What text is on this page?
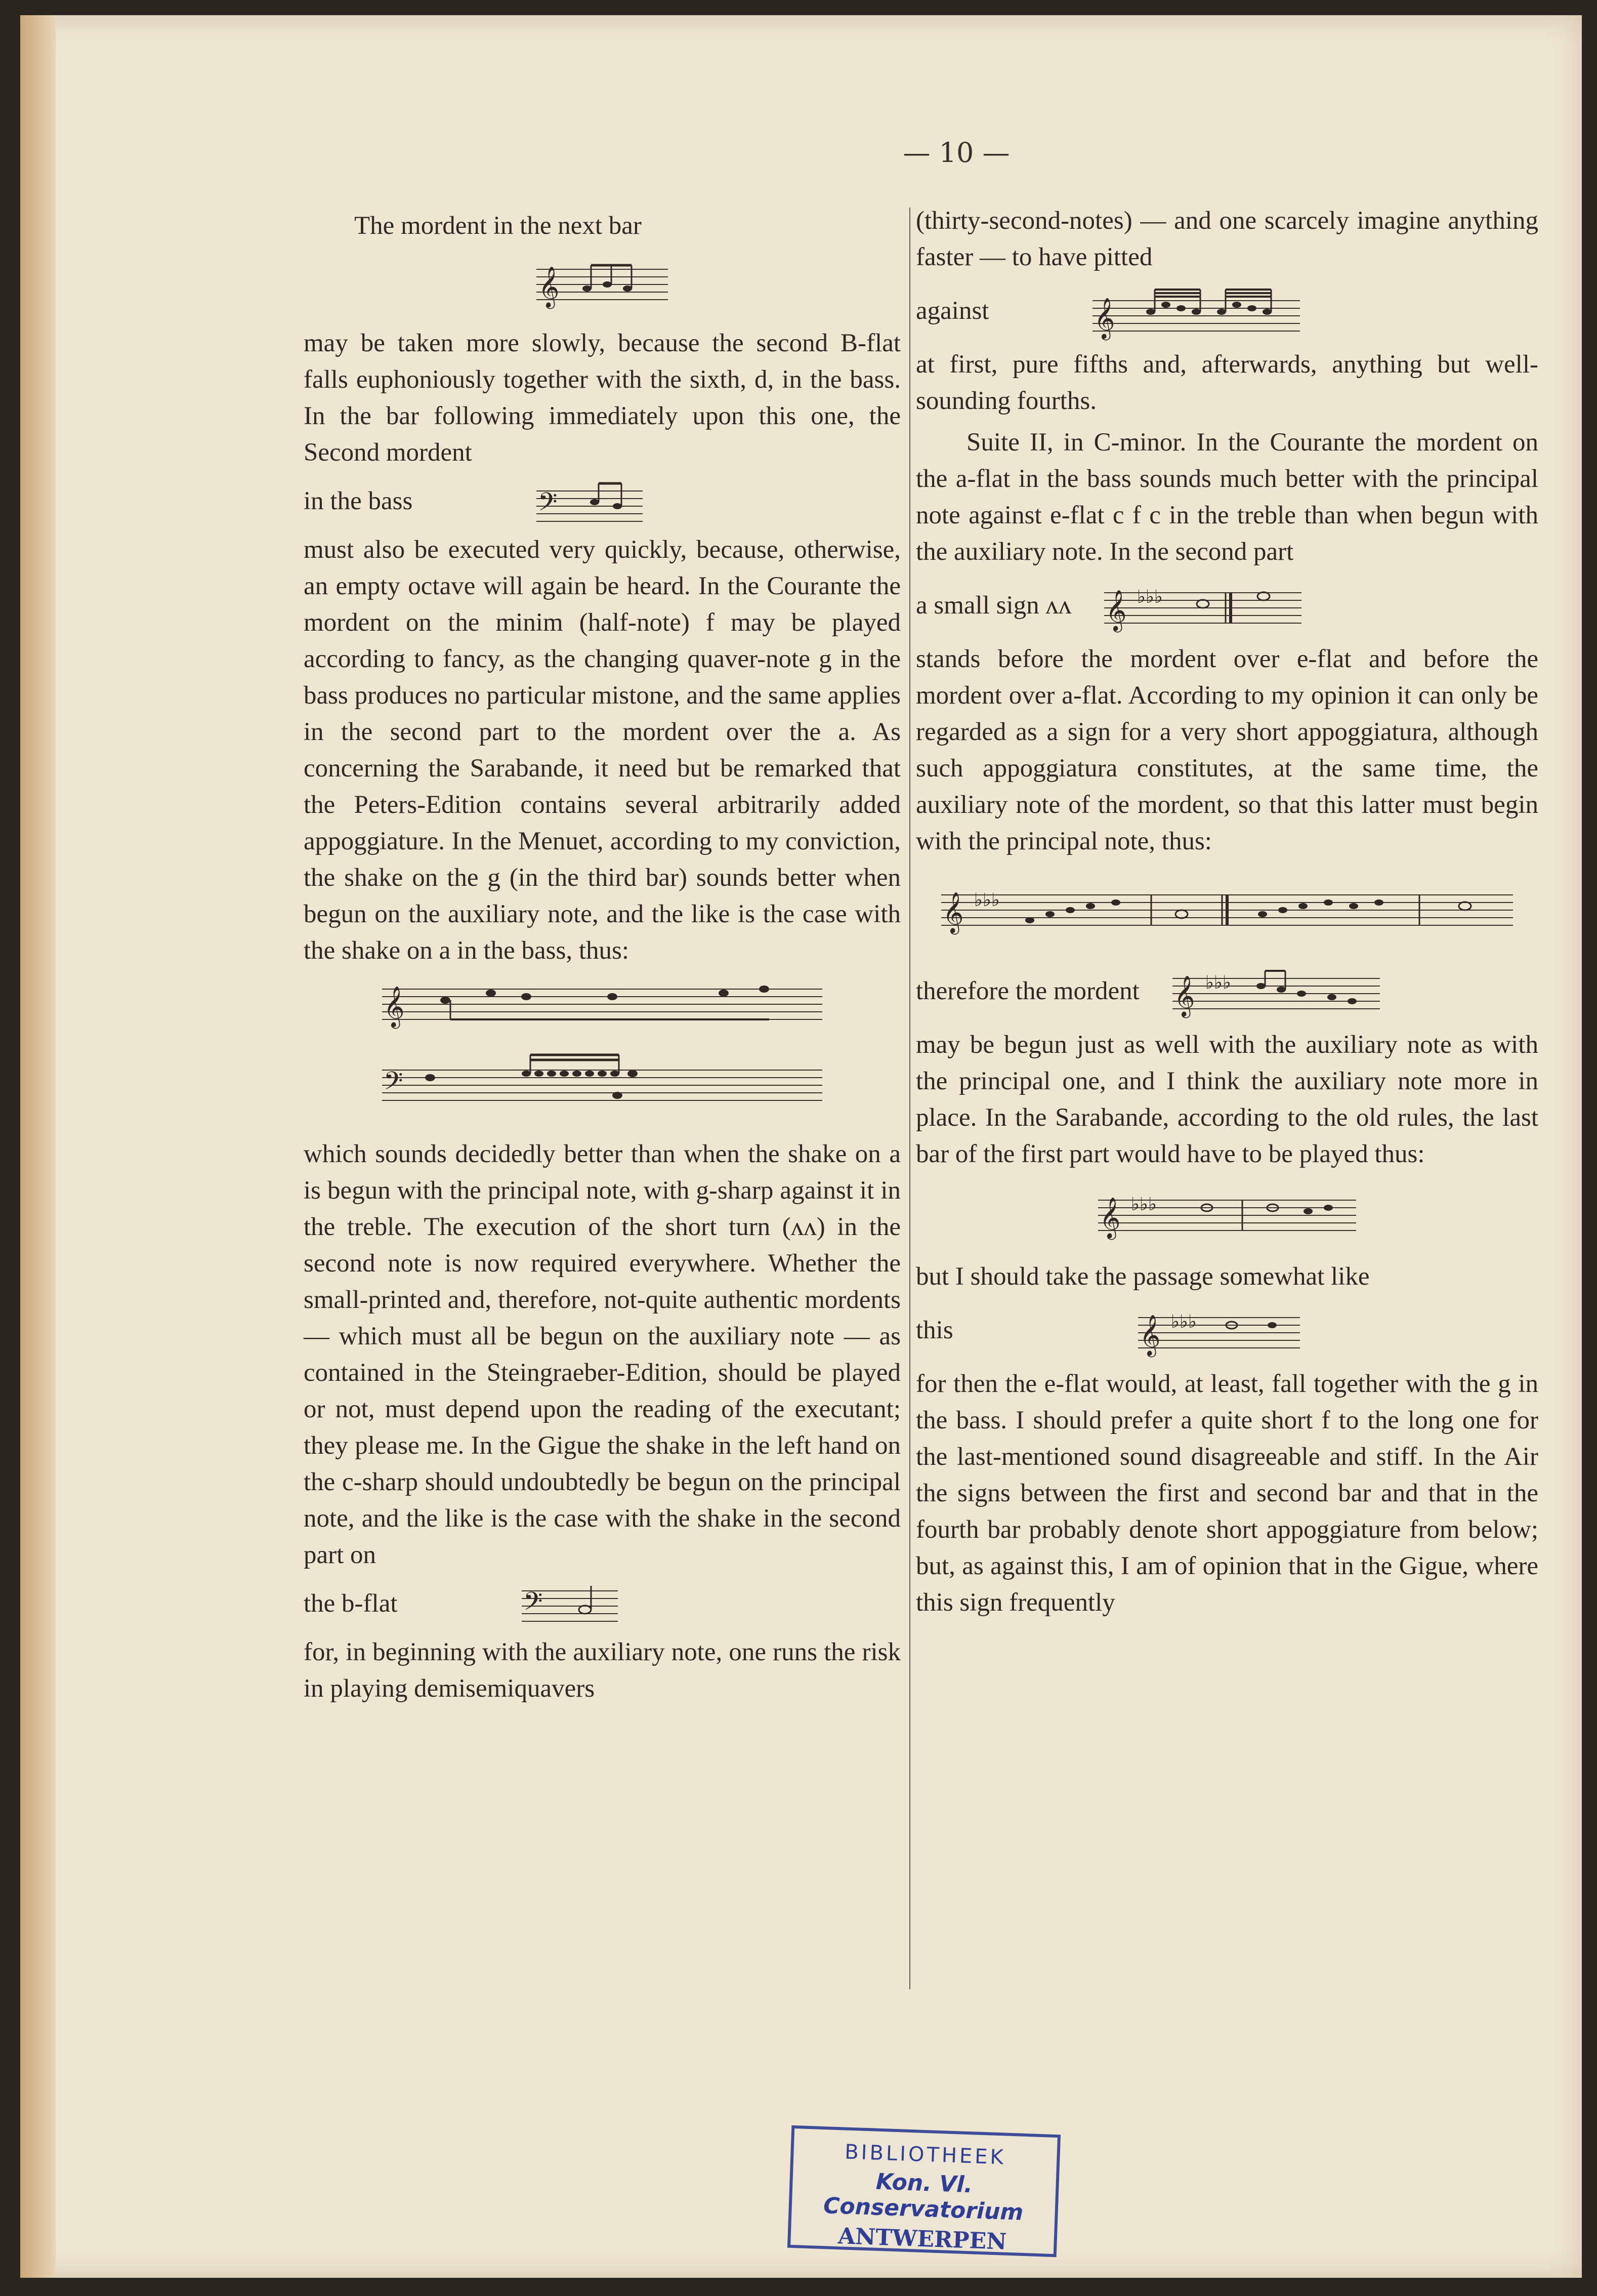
— 10 —
The mordent in the next bar
𝄞

may be taken more slowly, because the second B-flat falls euphoniously together with the sixth, d, in the bass. In the bar following immediately upon this one, the Second mordent

in the bass	𝄢

must also be executed very quickly, because, otherwise, an empty octave will again be heard. In the Courante the mordent on the minim (half-note) f may be played according to fancy, as the changing quaver-note g in the bass produces no particular mistone, and the same applies in the second part to the mordent over the a. As concerning the Sarabande, it need but be remarked that the Peters-Edition contains several arbitrarily added appoggiature. In the Menuet, according to my conviction, the shake on the g (in the third bar) sounds better when begun on the auxiliary note, and the like is the case with the shake on a in the bass, thus:

𝄞
𝄢

which sounds decidedly better than when the shake on a is begun with the principal note, with g-sharp against it in the treble. The execution of the short turn (ʌʌ) in the second note is now required everywhere. Whether the small-printed and, therefore, not-quite authentic mordents — which must all be begun on the auxiliary note — as contained in the Steingraeber-Edition, should be played or not, must depend upon the reading of the executant; they please me. In the Gigue the shake in the left hand on the c-sharp should undoubtedly be begun on the principal note, and the like is the case with the shake in the second part on

the b-flat	𝄢

for, in beginning with the auxiliary note, one runs the risk in playing demisemiquavers

(thirty-second-notes) — and one scarcely imagine anything faster — to have pitted

against	𝄞

at first, pure fifths and, afterwards, anything but well-sounding fourths.

Suite II, in C-minor. In the Courante the mordent on the a-flat in the bass sounds much better with the principal note against e-flat c f c in the treble than when begun with the auxiliary note. In the second part

a small sign ʌʌ 𝄞 ♭♭♭

stands before the mordent over e-flat and before the mordent over a-flat. According to my opinion it can only be regarded as a sign for a very short appoggiatura, although such appoggiatura constitutes, at the same time, the auxiliary note of the mordent, so that this latter must begin with the principal note, thus:

𝄞 ♭♭♭
therefore the mordent 𝄞 ♭♭♭

may be begun just as well with the auxiliary note as with the principal one, and I think the auxiliary note more in place. In the Sarabande, according to the old rules, the last bar of the first part would have to be played thus:

𝄞 ♭♭♭

but I should take the passage somewhat like

this	𝄞 ♭♭♭

for then the e-flat would, at least, fall together with the g in the bass. I should prefer a quite short f to the long one for the last-mentioned sound disagreeable and stiff. In the Air the signs between the first and second bar and that in the fourth bar probably denote short appoggiature from below; but, as against this, I am of opinion that in the Gigue, where this sign frequently

BIBLIOTHEEK
Kon. Vl. Conservatorium
ANTWERPEN
